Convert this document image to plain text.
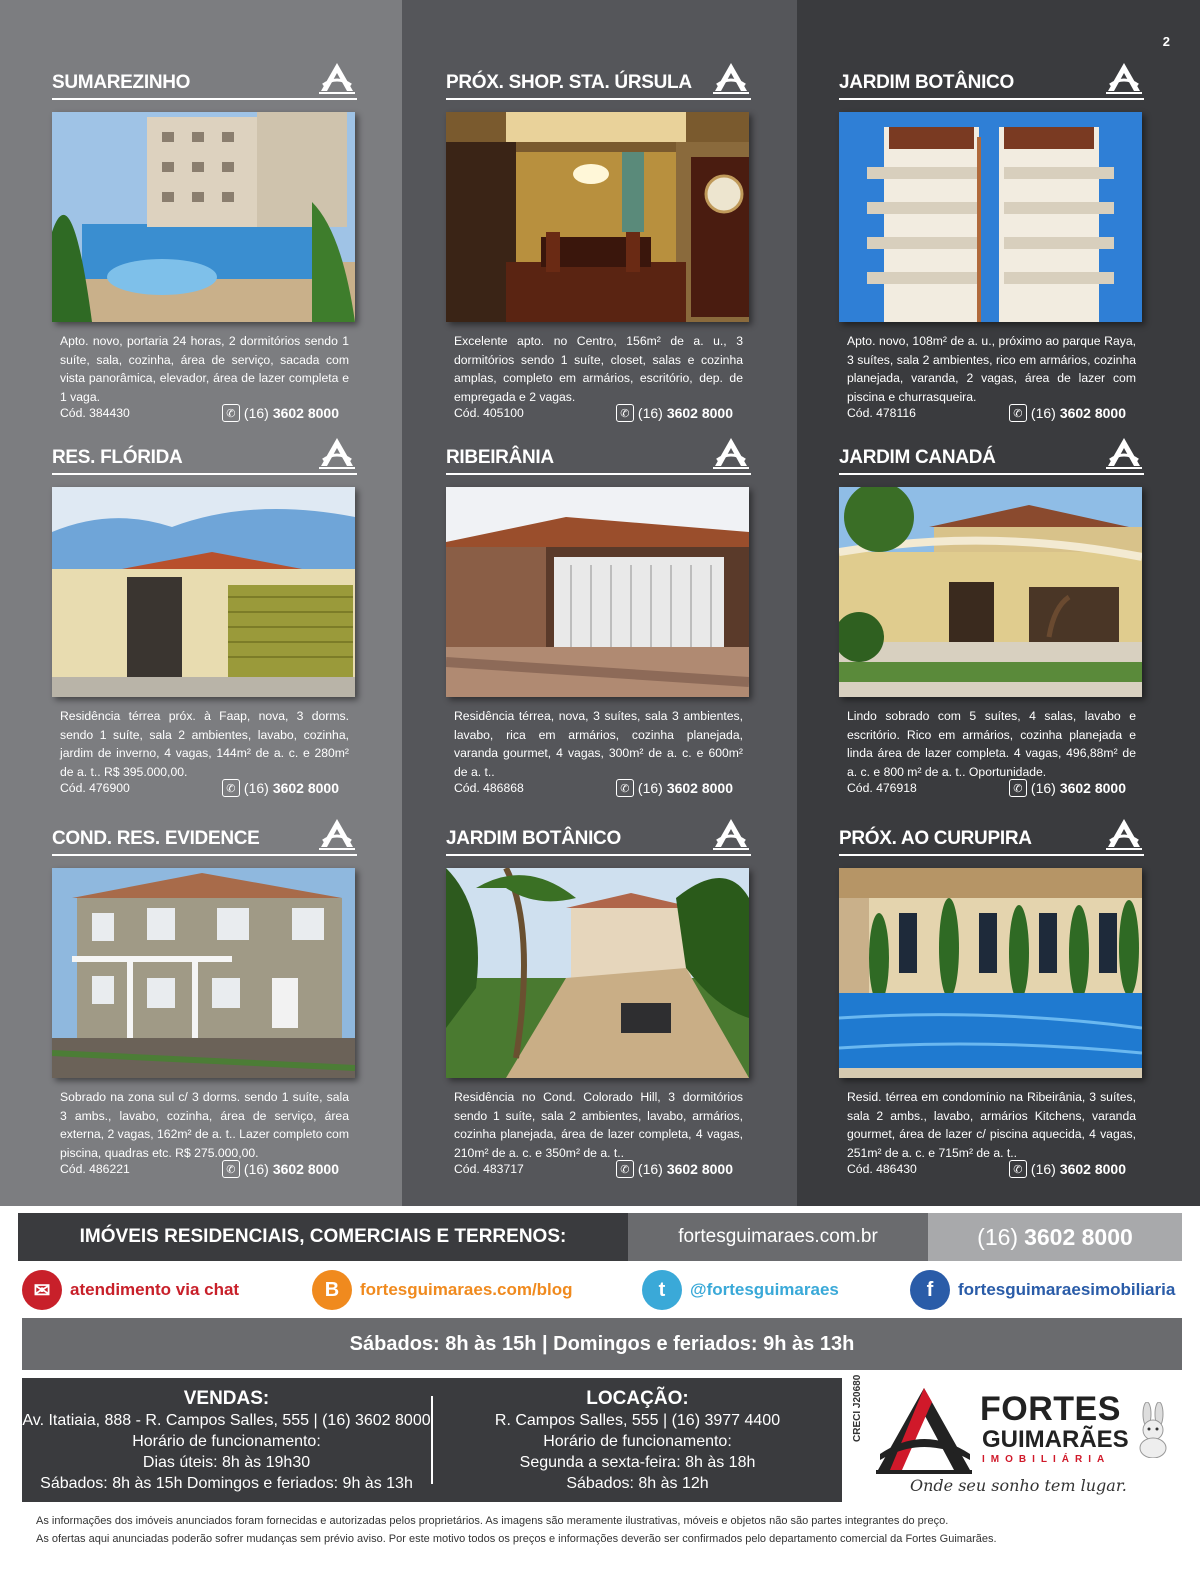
SUMAREZINHO

Apto. novo, portaria 24 horas, 2 dormitórios sendo 1 suíte, sala, cozinha, área de serviço, sacada com vista panorâmica, elevador, área de lazer completa e 1 vaga.

Cód. 384430	✆ (16) 3602 8000
RES. FLÓRIDA

Residência térrea próx. à Faap, nova, 3 dorms. sendo 1 suíte, sala 2 ambientes, lavabo, cozinha, jardim de inverno, 4 vagas, 144m² de a. c. e 280m² de a. t.. R$ 395.000,00.

Cód. 476900	✆ (16) 3602 8000
COND. RES. EVIDENCE

Sobrado na zona sul c/ 3 dorms. sendo 1 suíte, sala 3 ambs., lavabo, cozinha, área de serviço, área externa, 2 vagas, 162m² de a. t.. Lazer completo com piscina, quadras etc. R$ 275.000,00.

Cód. 486221	✆ (16) 3602 8000
PRÓX. SHOP. STA. ÚRSULA

Excelente apto. no Centro, 156m² de a. u., 3 dormitórios sendo 1 suíte, closet, salas e cozinha amplas, completo em armários, escritório, dep. de empregada e 2 vagas.

Cód. 405100	✆ (16) 3602 8000
RIBEIRÂNIA

Residência térrea, nova, 3 suítes, sala 3 ambientes, lavabo, rica em armários, cozinha planejada, varanda gourmet, 4 vagas, 300m² de a. c. e 600m² de a. t..

Cód. 486868	✆ (16) 3602 8000
JARDIM BOTÂNICO

Residência no Cond. Colorado Hill, 3 dormitórios sendo 1 suíte, sala 2 ambientes, lavabo, armários, cozinha planejada, área de lazer completa, 4 vagas, 210m² de a. c. e 350m² de a. t..

Cód. 483717	✆ (16) 3602 8000
2
JARDIM BOTÂNICO

Apto. novo, 108m² de a. u., próximo ao parque Raya, 3 suítes, sala 2 ambientes, rico em armários, cozinha planejada, varanda, 2 vagas, área de lazer com piscina e churrasqueira.

Cód. 478116	✆ (16) 3602 8000
JARDIM CANADÁ

Lindo sobrado com 5 suítes, 4 salas, lavabo e escritório. Rico em armários, cozinha planejada e linda área de lazer completa. 4 vagas, 496,88m² de a. c. e 800 m² de a. t.. Oportunidade.

Cód. 476918	✆ (16) 3602 8000
PRÓX. AO CURUPIRA

Resid. térrea em condomínio na Ribeirânia, 3 suítes, sala 2 ambs., lavabo, armários Kitchens, varanda gourmet, área de lazer c/ piscina aquecida, 4 vagas, 251m² de a. c. e 715m² de a. t..

Cód. 486430	✆ (16) 3602 8000
IMÓVEIS RESIDENCIAIS, COMERCIAIS E TERRENOS:	fortesguimaraes.com.br	(16) 3602 8000
✉	atendimento via chat	B	fortesguimaraes.com/blog	t	@fortesguimaraes	f	fortesguimaraesimobiliaria
Sábados: 8h às 15h | Domingos e feriados: 9h às 13h
VENDAS:
Av. Itatiaia, 888 - R. Campos Salles, 555 | (16) 3602 8000
Horário de funcionamento:
Dias úteis: 8h às 19h30
Sábados: 8h às 15h Domingos e feriados: 9h às 13h
LOCAÇÃO:
R. Campos Salles, 555 | (16) 3977 4400
Horário de funcionamento:
Segunda a sexta-feira: 8h às 18h
Sábados: 8h às 12h
CRECI J20680	FORTES
GUIMARÃES
IMOBILIÁRIA
Onde seu sonho tem lugar.
As informações dos imóveis anunciados foram fornecidas e autorizadas pelos proprietários. As imagens são meramente ilustrativas, móveis e objetos não são partes integrantes do preço.
As ofertas aqui anunciadas poderão sofrer mudanças sem prévio aviso. Por este motivo todos os preços e informações deverão ser confirmados pelo departamento comercial da Fortes Guimarães.
